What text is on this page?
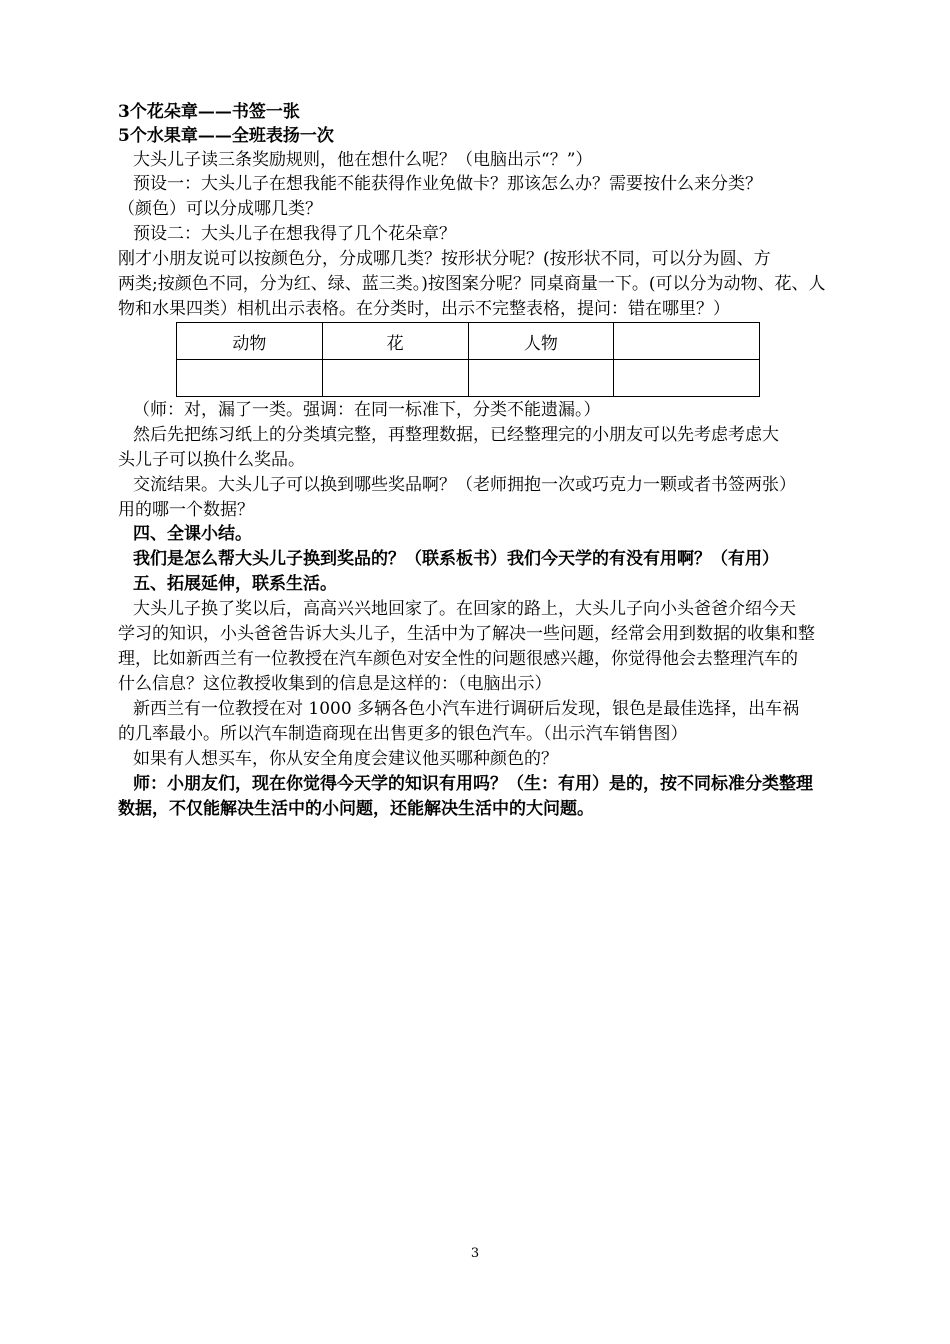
3个花朵章——书签一张
5个水果章——全班表扬一次
大头儿子读三条奖励规则，他在想什么呢？（电脑出示“？”）
预设一：大头儿子在想我能不能获得作业免做卡？那该怎么办？需要按什么来分类？
（颜色）可以分成哪几类？
预设二：大头儿子在想我得了几个花朵章？
刚才小朋友说可以按颜色分，分成哪几类？按形状分呢？(按形状不同，可以分为圆、方
两类;按颜色不同，分为红、绿、蓝三类。)按图案分呢？同桌商量一下。(可以分为动物、花、人
物和水果四类）相机出示表格。在分类时，出示不完整表格，提问：错在哪里？）
动物	花	人物	

（师：对，漏了一类。强调：在同一标准下，分类不能遗漏。）
然后先把练习纸上的分类填完整，再整理数据，已经整理完的小朋友可以先考虑考虑大
头儿子可以换什么奖品。
交流结果。大头儿子可以换到哪些奖品啊？（老师拥抱一次或巧克力一颗或者书签两张）
用的哪一个数据？
四、全课小结。
我们是怎么帮大头儿子换到奖品的？（联系板书）我们今天学的有没有用啊？（有用）
五、拓展延伸，联系生活。
大头儿子换了奖以后，高高兴兴地回家了。在回家的路上，大头儿子向小头爸爸介绍今天
学习的知识，小头爸爸告诉大头儿子，生活中为了解决一些问题，经常会用到数据的收集和整
理，比如新西兰有一位教授在汽车颜色对安全性的问题很感兴趣，你觉得他会去整理汽车的
什么信息？这位教授收集到的信息是这样的：（电脑出示）
新西兰有一位教授在对 1000 多辆各色小汽车进行调研后发现，银色是最佳选择，出车祸
的几率最小。所以汽车制造商现在出售更多的银色汽车。（出示汽车销售图）
如果有人想买车，你从安全角度会建议他买哪种颜色的？
师：小朋友们，现在你觉得今天学的知识有用吗？（生：有用）是的，按不同标准分类整理
数据，不仅能解决生活中的小问题，还能解决生活中的大问题。
3
